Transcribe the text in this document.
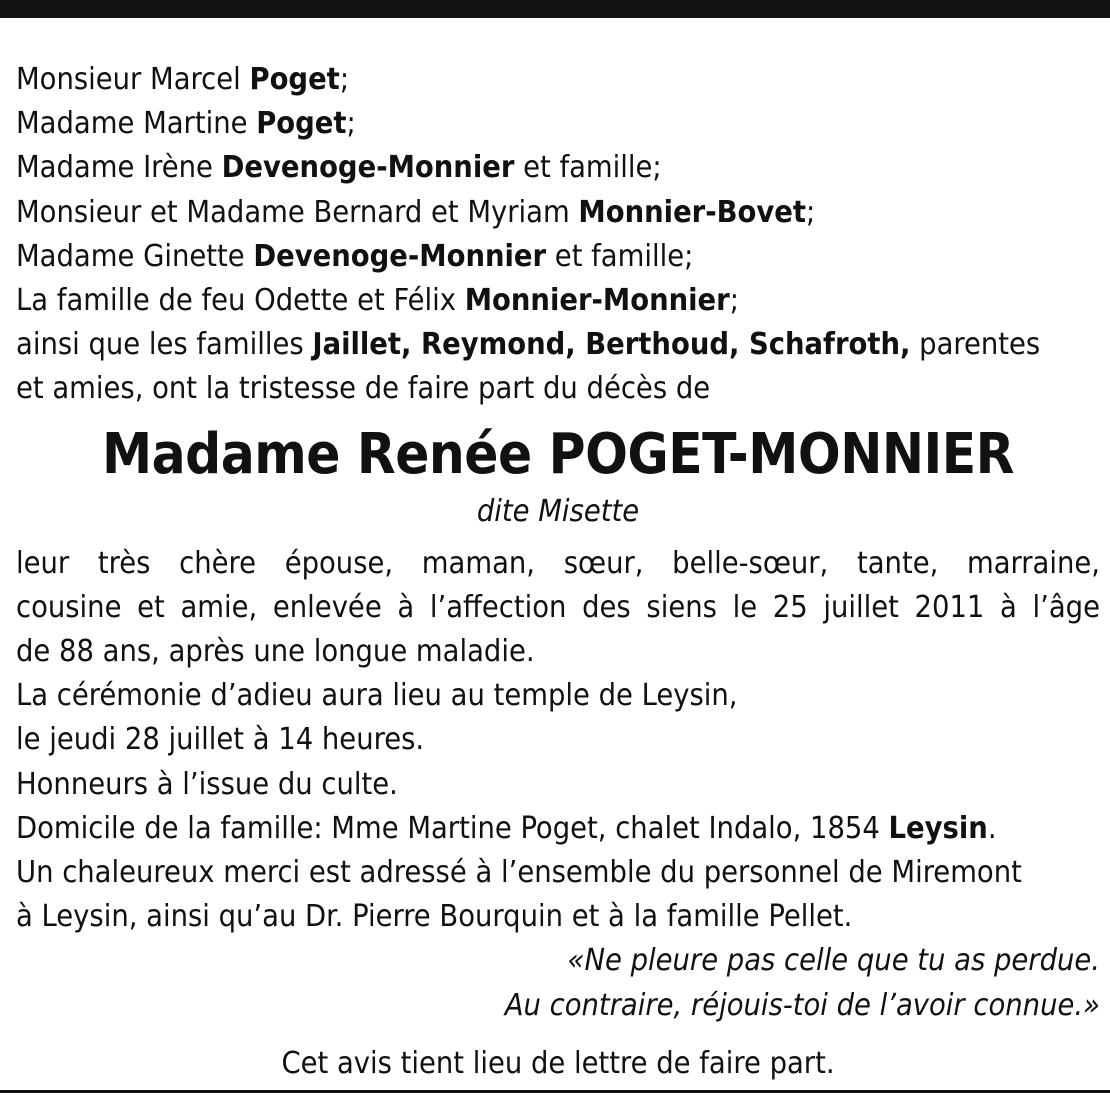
Monsieur Marcel Poget;
Madame Martine Poget;
Madame Irène Devenoge-Monnier et famille;
Monsieur et Madame Bernard et Myriam Monnier-Bovet;
Madame Ginette Devenoge-Monnier et famille;
La famille de feu Odette et Félix Monnier-Monnier;
ainsi que les familles Jaillet, Reymond, Berthoud, Schafroth, parentes
et amies, ont la tristesse de faire part du décès de
Madame Renée POGET-MONNIER
dite Misette
leur très chère épouse, maman, sœur, belle-sœur, tante, marraine,
cousine et amie, enlevée à l’affection des siens le 25 juillet 2011 à l’âge
de 88 ans, après une longue maladie.
La cérémonie d’adieu aura lieu au temple de Leysin,
le jeudi 28 juillet à 14 heures.
Honneurs à l’issue du culte.
Domicile de la famille: Mme Martine Poget, chalet Indalo, 1854 Leysin.
Un chaleureux merci est adressé à l’ensemble du personnel de Miremont
à Leysin, ainsi qu’au Dr. Pierre Bourquin et à la famille Pellet.
«Ne pleure pas celle que tu as perdue.
Au contraire, réjouis-toi de l’avoir connue.»
Cet avis tient lieu de lettre de faire part.
